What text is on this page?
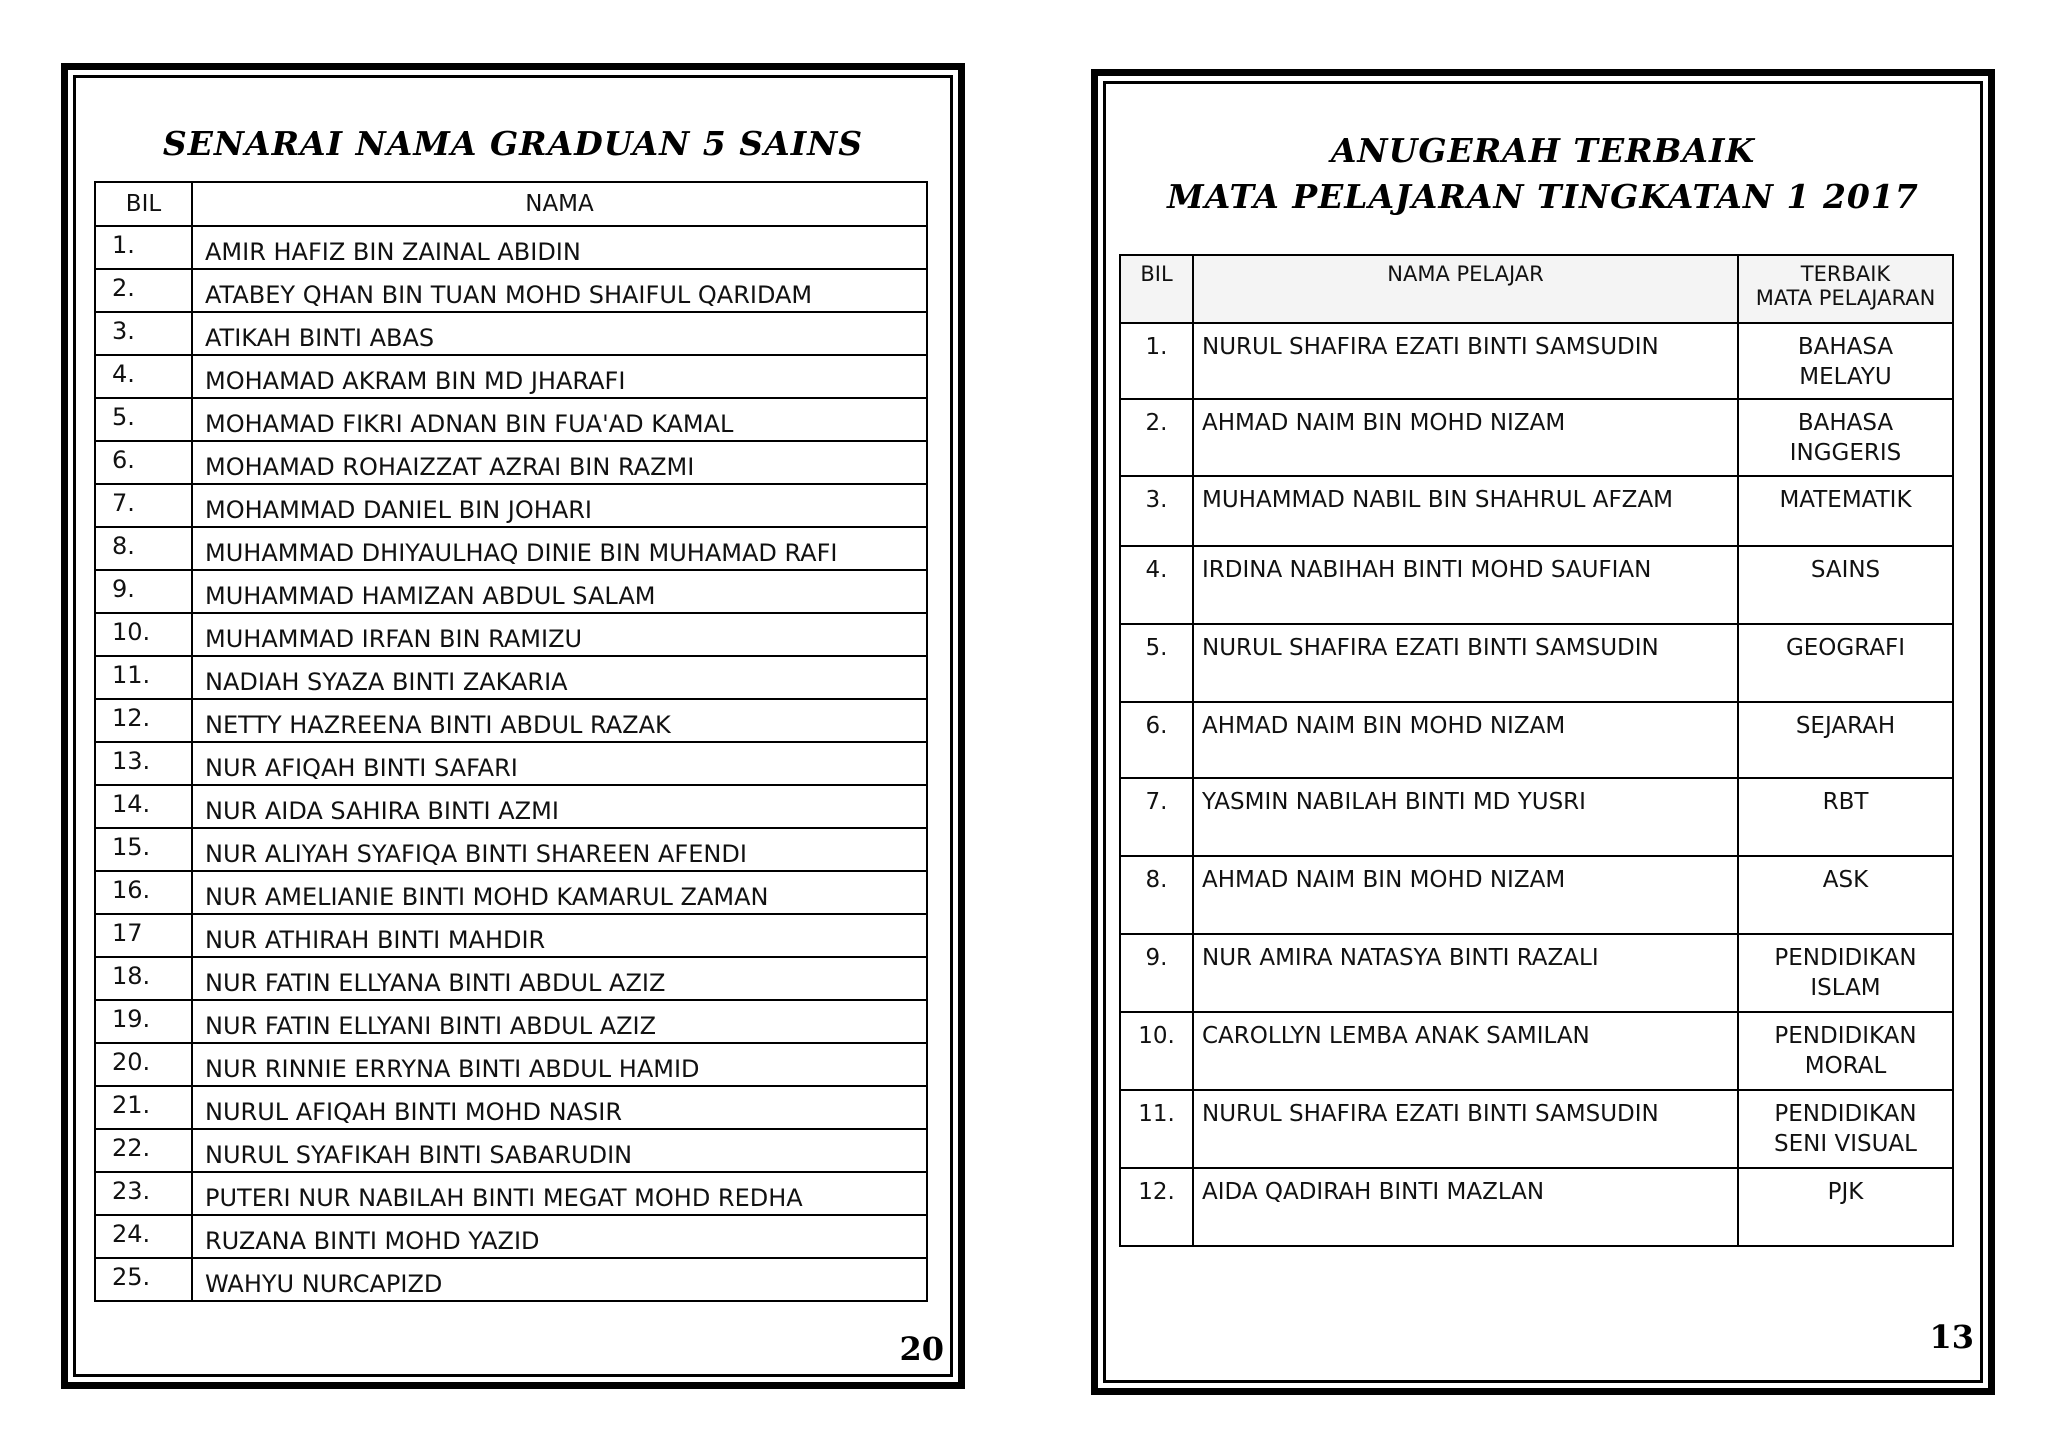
SENARAI NAMA GRADUAN 5 SAINS
BIL	NAMA
1.	AMIR HAFIZ BIN ZAINAL ABIDIN
2.	ATABEY QHAN BIN TUAN MOHD SHAIFUL QARIDAM
3.	ATIKAH BINTI ABAS
4.	MOHAMAD AKRAM BIN MD JHARAFI
5.	MOHAMAD FIKRI ADNAN BIN FUA'AD KAMAL
6.	MOHAMAD ROHAIZZAT AZRAI BIN RAZMI
7.	MOHAMMAD DANIEL BIN JOHARI
8.	MUHAMMAD DHIYAULHAQ DINIE BIN MUHAMAD RAFI
9.	MUHAMMAD HAMIZAN ABDUL SALAM
10.	MUHAMMAD IRFAN BIN RAMIZU
11.	NADIAH SYAZA BINTI ZAKARIA
12.	NETTY HAZREENA BINTI ABDUL RAZAK
13.	NUR AFIQAH BINTI SAFARI
14.	NUR AIDA SAHIRA BINTI AZMI
15.	NUR ALIYAH SYAFIQA BINTI SHAREEN AFENDI
16.	NUR AMELIANIE BINTI MOHD KAMARUL ZAMAN
17	NUR ATHIRAH BINTI MAHDIR
18.	NUR FATIN ELLYANA BINTI ABDUL AZIZ
19.	NUR FATIN ELLYANI BINTI ABDUL AZIZ
20.	NUR RINNIE ERRYNA BINTI ABDUL HAMID
21.	NURUL AFIQAH BINTI MOHD NASIR
22.	NURUL SYAFIKAH BINTI SABARUDIN
23.	PUTERI NUR NABILAH BINTI MEGAT MOHD REDHA
24.	RUZANA BINTI MOHD YAZID
25.	WAHYU NURCAPIZD
20
ANUGERAH TERBAIK
MATA PELAJARAN TINGKATAN 1 2017
BIL	NAMA PELAJAR	TERBAIK
MATA PELAJARAN

1.	NURUL SHAFIRA EZATI BINTI SAMSUDIN	BAHASA
MELAYU

2.	AHMAD NAIM BIN MOHD NIZAM	BAHASA
INGGERIS

3.	MUHAMMAD NABIL BIN SHAHRUL AFZAM	MATEMATIK

4.	IRDINA NABIHAH BINTI MOHD SAUFIAN	SAINS

5.	NURUL SHAFIRA EZATI BINTI SAMSUDIN	GEOGRAFI

6.	AHMAD NAIM BIN MOHD NIZAM	SEJARAH

7.	YASMIN NABILAH BINTI MD YUSRI	RBT

8.	AHMAD NAIM BIN MOHD NIZAM	ASK

9.	NUR AMIRA NATASYA BINTI RAZALI	PENDIDIKAN
ISLAM

10.	CAROLLYN LEMBA ANAK SAMILAN	PENDIDIKAN
MORAL

11.	NURUL SHAFIRA EZATI BINTI SAMSUDIN	PENDIDIKAN
SENI VISUAL

12.	AIDA QADIRAH BINTI MAZLAN	PJK
13
